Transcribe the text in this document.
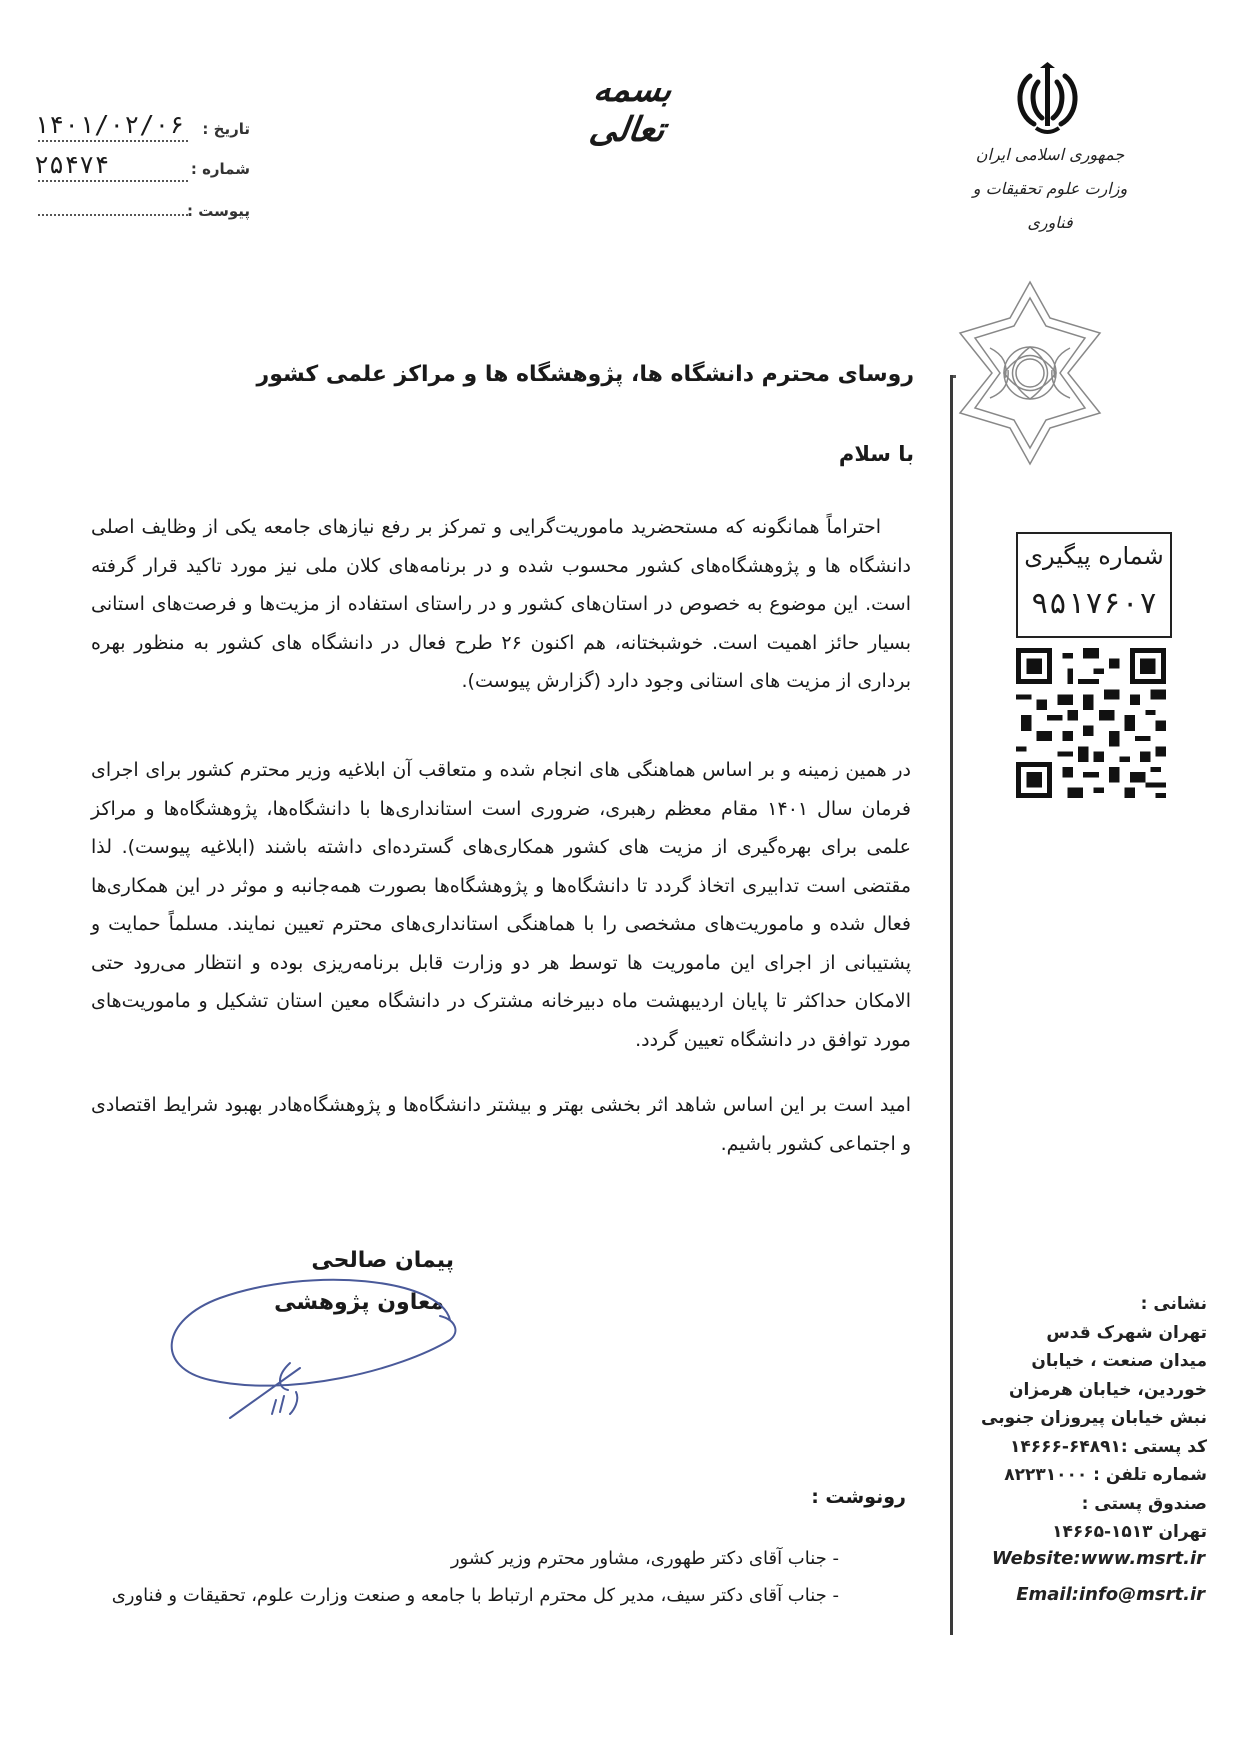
بسمه تعالی
تاریخ :
۱۴۰۱/۰۲/۰۶
شماره :
۲۵۴۷۴
پیوست :
جمهوری اسلامی ایران
وزارت علوم تحقیقات و فناوری
شماره پیگیری
۹۵۱۷۶۰۷
روسای محترم دانشگاه ها، پژوهشگاه ها و مراکز علمی کشور
با سلام
احتراماً همانگونه که مستحضرید ماموریت‌گرایی و تمرکز بر رفع نیازهای جامعه یکی از وظایف اصلی دانشگاه ها و پژوهشگاه‌های کشور محسوب شده و در برنامه‌های کلان ملی نیز مورد تاکید قرار گرفته است. این موضوع به خصوص در استان‌های کشور و در راستای استفاده از مزیت‌ها و فرصت‌های استانی بسیار حائز اهمیت است. خوشبختانه، هم اکنون ۲۶ طرح فعال در دانشگاه های کشور به منظور بهره برداری از مزیت های استانی وجود دارد (گزارش پیوست).
در همین زمینه و بر اساس هماهنگی های انجام شده و متعاقب آن ابلاغیه وزیر محترم کشور برای اجرای فرمان سال ۱۴۰۱ مقام معظم رهبری، ضروری است استانداری‌ها با دانشگاه‌ها، پژوهشگاه‌ها و مراکز علمی برای بهره‌گیری از مزیت های کشور همکاری‌های گسترده‌ای داشته باشند (ابلاغیه پیوست). لذا مقتضی است تدابیری اتخاذ گردد تا دانشگاه‌ها و پژوهشگاه‌ها بصورت همه‌جانبه و موثر در این همکاری‌ها فعال شده و ماموریت‌های مشخصی را با هماهنگی استانداری‌های محترم تعیین نمایند. مسلماً حمایت و پشتیبانی از اجرای این ماموریت ها توسط هر دو وزارت قابل برنامه‌ریزی بوده و انتظار می‌رود حتی الامکان حداکثر تا پایان اردیبهشت ماه دبیرخانه مشترک در دانشگاه معین استان تشکیل و ماموریت‌های مورد توافق در دانشگاه تعیین گردد.
امید است بر این اساس شاهد اثر بخشی بهتر و بیشتر دانشگاه‌ها و پژوهشگاه‌هادر بهبود شرایط اقتصادی و اجتماعی کشور باشیم.
پیمان صالحی
معاون پژوهشی
رونوشت :
- جناب آقای دکتر طهوری، مشاور محترم وزیر کشور
- جناب آقای دکتر سیف، مدیر کل محترم ارتباط با جامعه و صنعت وزارت علوم، تحقیقات و فناوری
نشانی :
تهران شهرک قدس
میدان صنعت ، خیابان
خوردین، خیابان هرمزان
نبش خیابان پیروزان جنوبی
کد پستی :۶۴۸۹۱-۱۴۶۶۶
شماره تلفن : ۸۲۲۳۱۰۰۰
صندوق پستی :
تهران ۱۵۱۳-۱۴۶۶۵
Website:www.msrt.ir
Email:info@msrt.ir
